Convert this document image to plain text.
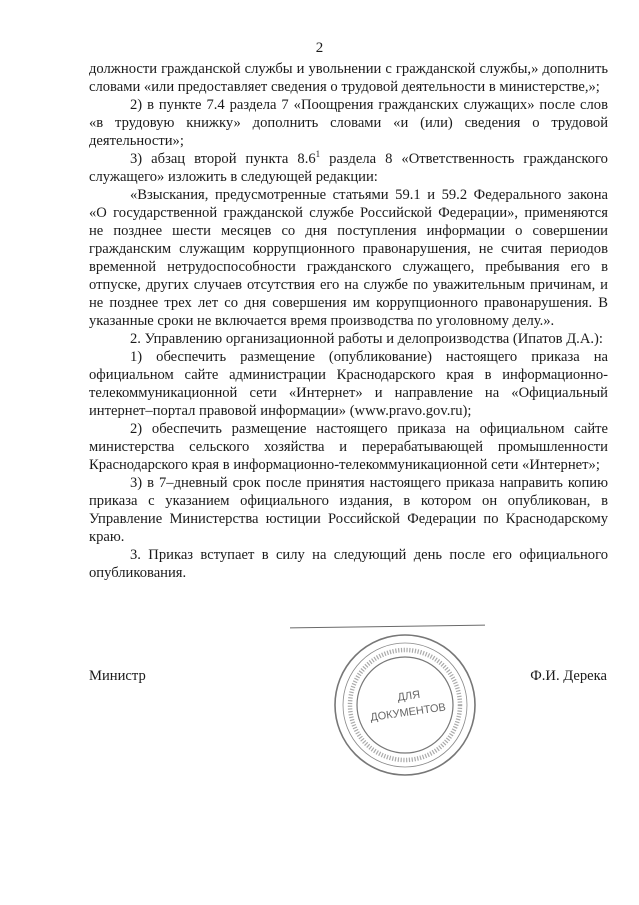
2

должности гражданской службы и увольнении с гражданской службы,» дополнить словами «или предоставляет сведения о трудовой деятельности в министерстве,»;

2) в пункте 7.4 раздела 7 «Поощрения гражданских служащих» после слов «в трудовую книжку» дополнить словами «и (или) сведения о трудовой деятельности»;

3) абзац второй пункта $8.6^1$ раздела 8 «Ответственность гражданского служащего» изложить в следующей редакции:

«Взыскания, предусмотренные статьями 59.1 и 59.2 Федерального закона «О государственной гражданской службе Российской Федерации», применяются не позднее шести месяцев со дня поступления информации о совершении гражданским служащим коррупционного правонарушения, не считая периодов временной нетрудоспособности гражданского служащего, пребывания его в отпуске, других случаев отсутствия его на службе по уважительным причинам, и не позднее трех лет со дня совершения им коррупционного правонарушения. В указанные сроки не включается время производства по уголовному делу.».

2. Управлению организационной работы и делопроизводства (Ипатов Д.А.):

1) обеспечить размещение (опубликование) настоящего приказа на официальном сайте администрации Краснодарского края в информационно-телекоммуникационной сети «Интернет» и направление на «Официальный интернет–портал правовой информации» (www.pravo.gov.ru);

2) обеспечить размещение настоящего приказа на официальном сайте министерства сельского хозяйства и перерабатывающей промышленности Краснодарского края в информационно-телекоммуникационной сети «Интернет»;

3) в 7–дневный срок после принятия настоящего приказа направить копию приказа с указанием официального издания, в котором он опубликован, в Управление Министерства юстиции Российской Федерации по Краснодарскому краю.

3. Приказ вступает в силу на следующий день после его официального опубликования.

Министр	Ф.И. Дерека
ДЛЯ
ДОКУМЕНТОВ
